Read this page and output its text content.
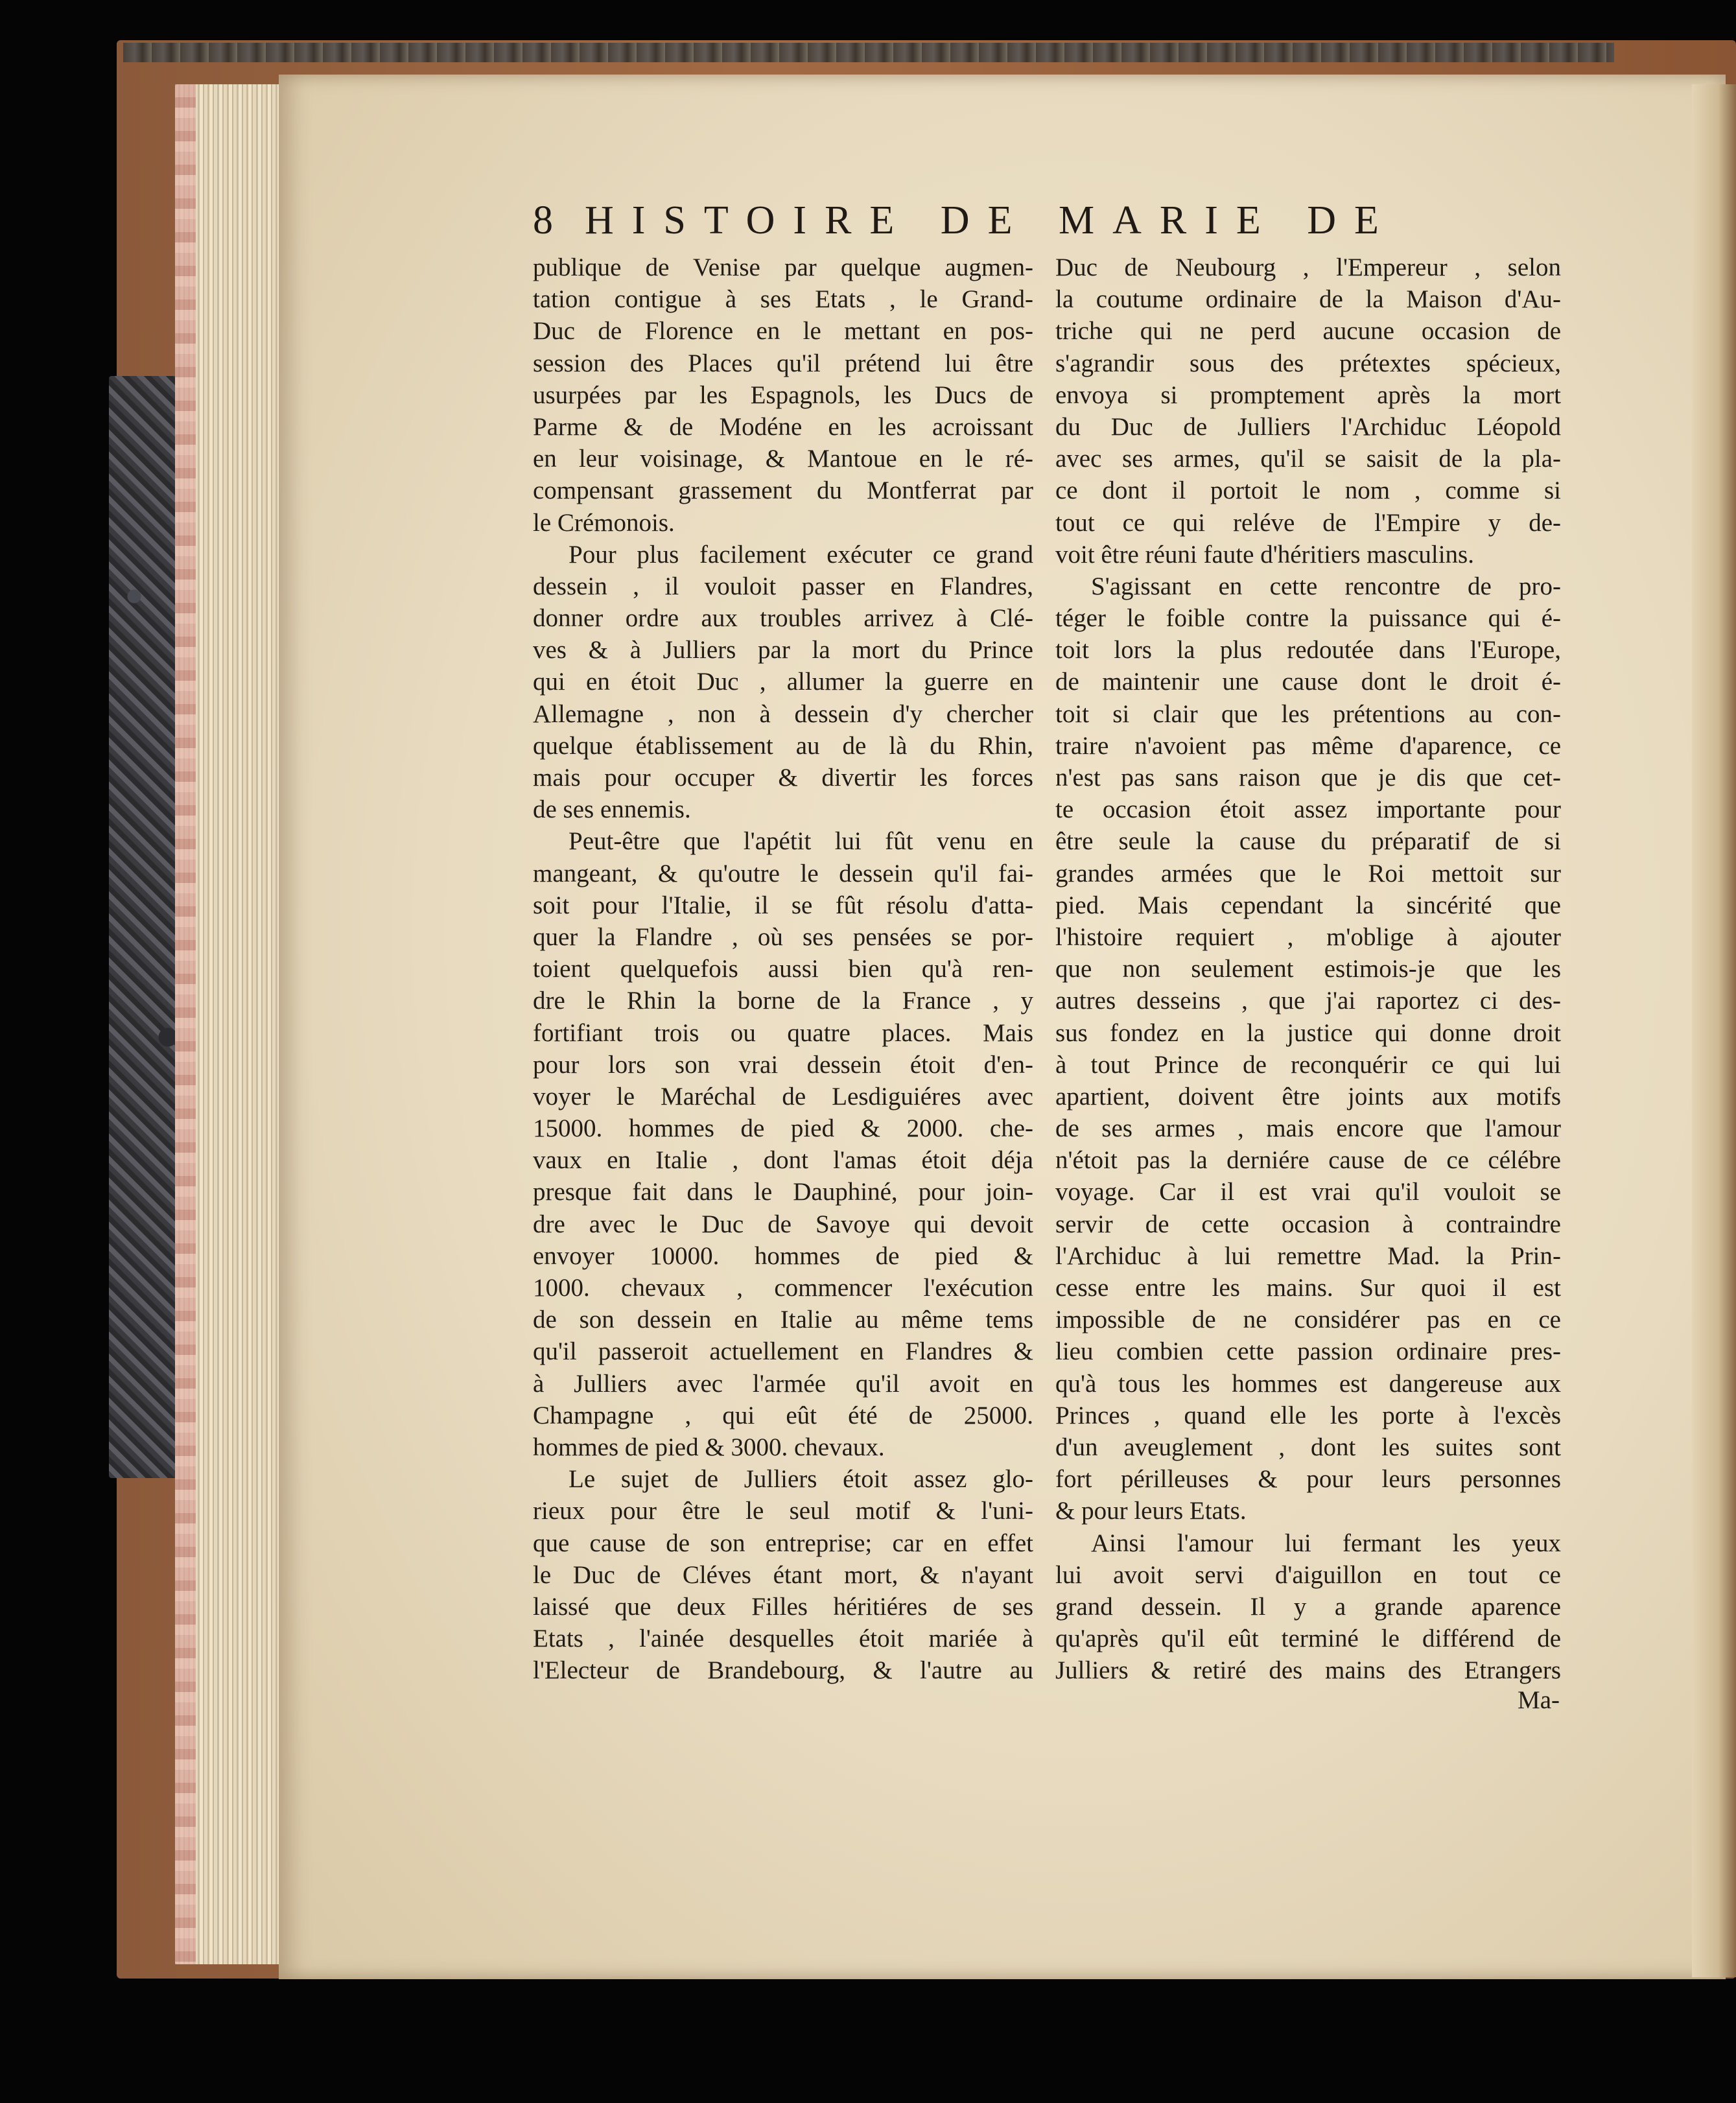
8 HISTOIRE DE MARIE DE
publique de Venise par quelque augmen-
tation contigue à ses Etats , le Grand-
Duc de Florence en le mettant en pos-
session des Places qu'il prétend lui être
usurpées par les Espagnols, les Ducs de
Parme & de Modéne en les acroissant
en leur voisinage, & Mantoue en le ré-
compensant grassement du Montferrat par
le Crémonois.
Pour plus facilement exécuter ce grand
dessein , il vouloit passer en Flandres,
donner ordre aux troubles arrivez à Clé-
ves & à Julliers par la mort du Prince
qui en étoit Duc , allumer la guerre en
Allemagne , non à dessein d'y chercher
quelque établissement au de là du Rhin,
mais pour occuper & divertir les forces
de ses ennemis.
Peut-être que l'apétit lui fût venu en
mangeant, & qu'outre le dessein qu'il fai-
soit pour l'Italie, il se fût résolu d'atta-
quer la Flandre , où ses pensées se por-
toient quelquefois aussi bien qu'à ren-
dre le Rhin la borne de la France , y
fortifiant trois ou quatre places. Mais
pour lors son vrai dessein étoit d'en-
voyer le Maréchal de Lesdiguiéres avec
15000. hommes de pied & 2000. che-
vaux en Italie , dont l'amas étoit déja
presque fait dans le Dauphiné, pour join-
dre avec le Duc de Savoye qui devoit
envoyer 10000. hommes de pied &
1000. chevaux , commencer l'exécution
de son dessein en Italie au même tems
qu'il passeroit actuellement en Flandres &
à Julliers avec l'armée qu'il avoit en
Champagne , qui eût été de 25000.
hommes de pied & 3000. chevaux.
Le sujet de Julliers étoit assez glo-
rieux pour être le seul motif & l'uni-
que cause de son entreprise; car en effet
le Duc de Cléves étant mort, & n'ayant
laissé que deux Filles héritiéres de ses
Etats , l'ainée desquelles étoit mariée à
l'Electeur de Brandebourg, & l'autre au
Duc de Neubourg , l'Empereur , selon
la coutume ordinaire de la Maison d'Au-
triche qui ne perd aucune occasion de
s'agrandir sous des prétextes spécieux,
envoya si promptement après la mort
du Duc de Julliers l'Archiduc Léopold
avec ses armes, qu'il se saisit de la pla-
ce dont il portoit le nom , comme si
tout ce qui reléve de l'Empire y de-
voit être réuni faute d'héritiers masculins.
S'agissant en cette rencontre de pro-
téger le foible contre la puissance qui é-
toit lors la plus redoutée dans l'Europe,
de maintenir une cause dont le droit é-
toit si clair que les prétentions au con-
traire n'avoient pas même d'aparence, ce
n'est pas sans raison que je dis que cet-
te occasion étoit assez importante pour
être seule la cause du préparatif de si
grandes armées que le Roi mettoit sur
pied. Mais cependant la sincérité que
l'histoire requiert , m'oblige à ajouter
que non seulement estimois-je que les
autres desseins , que j'ai raportez ci des-
sus fondez en la justice qui donne droit
à tout Prince de reconquérir ce qui lui
apartient, doivent être joints aux motifs
de ses armes , mais encore que l'amour
n'étoit pas la derniére cause de ce célébre
voyage. Car il est vrai qu'il vouloit se
servir de cette occasion à contraindre
l'Archiduc à lui remettre Mad. la Prin-
cesse entre les mains. Sur quoi il est
impossible de ne considérer pas en ce
lieu combien cette passion ordinaire pres-
qu'à tous les hommes est dangereuse aux
Princes , quand elle les porte à l'excès
d'un aveuglement , dont les suites sont
fort périlleuses & pour leurs personnes
& pour leurs Etats.
Ainsi l'amour lui fermant les yeux
lui avoit servi d'aiguillon en tout ce
grand dessein. Il y a grande aparence
qu'après qu'il eût terminé le différend de
Julliers & retiré des mains des Etrangers
Ma-
